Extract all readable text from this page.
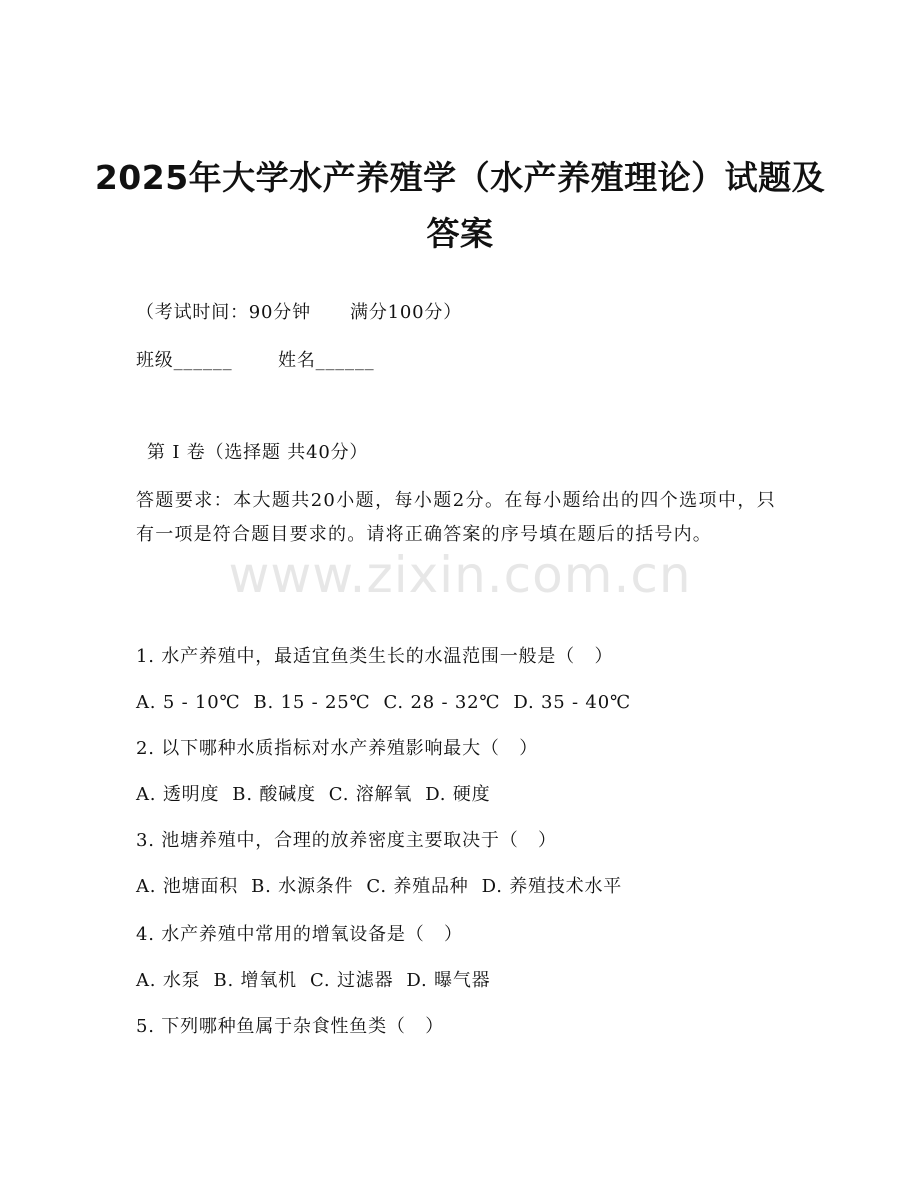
2025年大学水产养殖学（水产养殖理论）试题及答案
（考试时间：90分钟      满分100分）
班级______       姓名______
第 I 卷（选择题 共40分）
答题要求：本大题共20小题，每小题2分。在每小题给出的四个选项中，只有一项是符合题目要求的。请将正确答案的序号填在题后的括号内。
www.zixin.com.cn
1. 水产养殖中，最适宜鱼类生长的水温范围一般是（   ）
A. 5 - 10℃  B. 15 - 25℃  C. 28 - 32℃  D. 35 - 40℃
2. 以下哪种水质指标对水产养殖影响最大（   ）
A. 透明度  B. 酸碱度  C. 溶解氧  D. 硬度
3. 池塘养殖中，合理的放养密度主要取决于（   ）
A. 池塘面积  B. 水源条件  C. 养殖品种  D. 养殖技术水平
4. 水产养殖中常用的增氧设备是（   ）
A. 水泵  B. 增氧机  C. 过滤器  D. 曝气器
5. 下列哪种鱼属于杂食性鱼类（   ）
